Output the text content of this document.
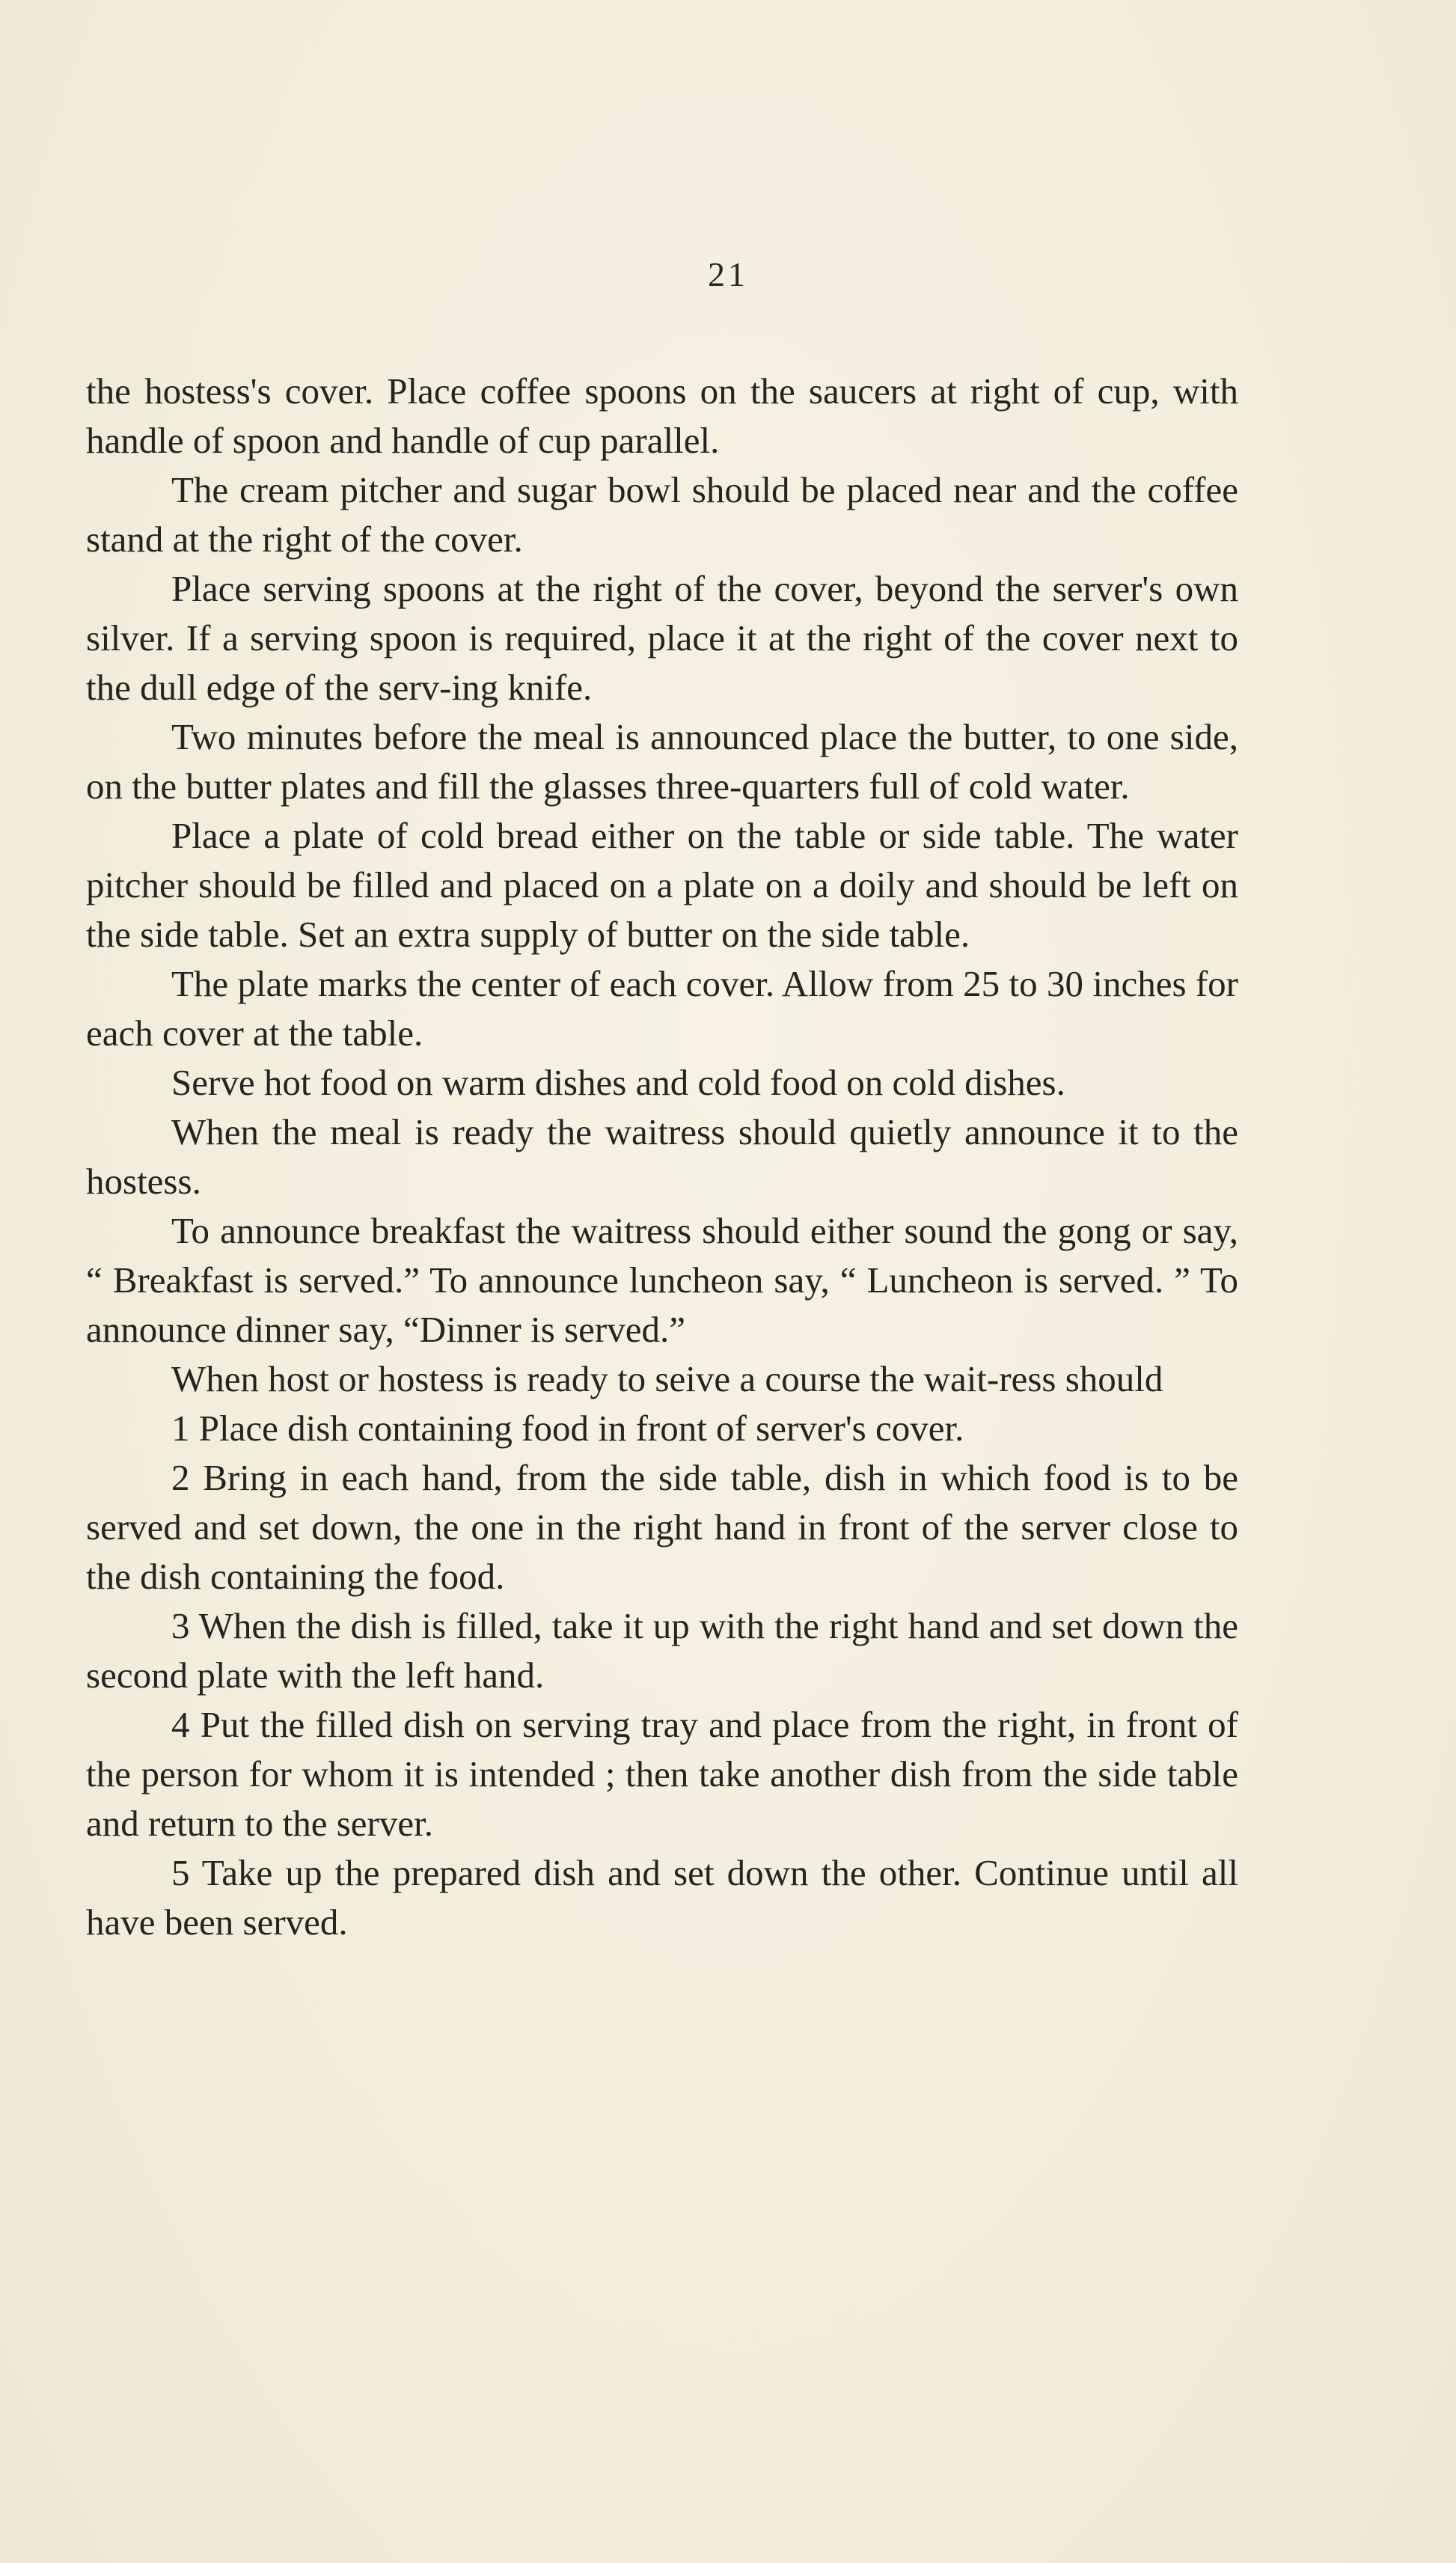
21

the hostess's cover. Place coffee spoons on the saucers at right of cup, with handle of spoon and handle of cup parallel.

The cream pitcher and sugar bowl should be placed near and the coffee stand at the right of the cover.

Place serving spoons at the right of the cover, beyond the server's own silver. If a serving spoon is required, place it at the right of the cover next to the dull edge of the serv-ing knife.

Two minutes before the meal is announced place the butter, to one side, on the butter plates and fill the glasses three-quarters full of cold water.

Place a plate of cold bread either on the table or side table. The water pitcher should be filled and placed on a plate on a doily and should be left on the side table. Set an extra supply of butter on the side table.

The plate marks the center of each cover. Allow from 25 to 30 inches for each cover at the table.

Serve hot food on warm dishes and cold food on cold dishes.

When the meal is ready the waitress should quietly announce it to the hostess.

To announce breakfast the waitress should either sound the gong or say, “ Breakfast is served.” To announce luncheon say, “ Luncheon is served. ” To announce dinner say, “Dinner is served.”

When host or hostess is ready to seive a course the wait-ress should

1 Place dish containing food in front of server's cover.

2 Bring in each hand, from the side table, dish in which food is to be served and set down, the one in the right hand in front of the server close to the dish containing the food.

3 When the dish is filled, take it up with the right hand and set down the second plate with the left hand.

4 Put the filled dish on serving tray and place from the right, in front of the person for whom it is intended ; then take another dish from the side table and return to the server.

5 Take up the prepared dish and set down the other. Continue until all have been served.
